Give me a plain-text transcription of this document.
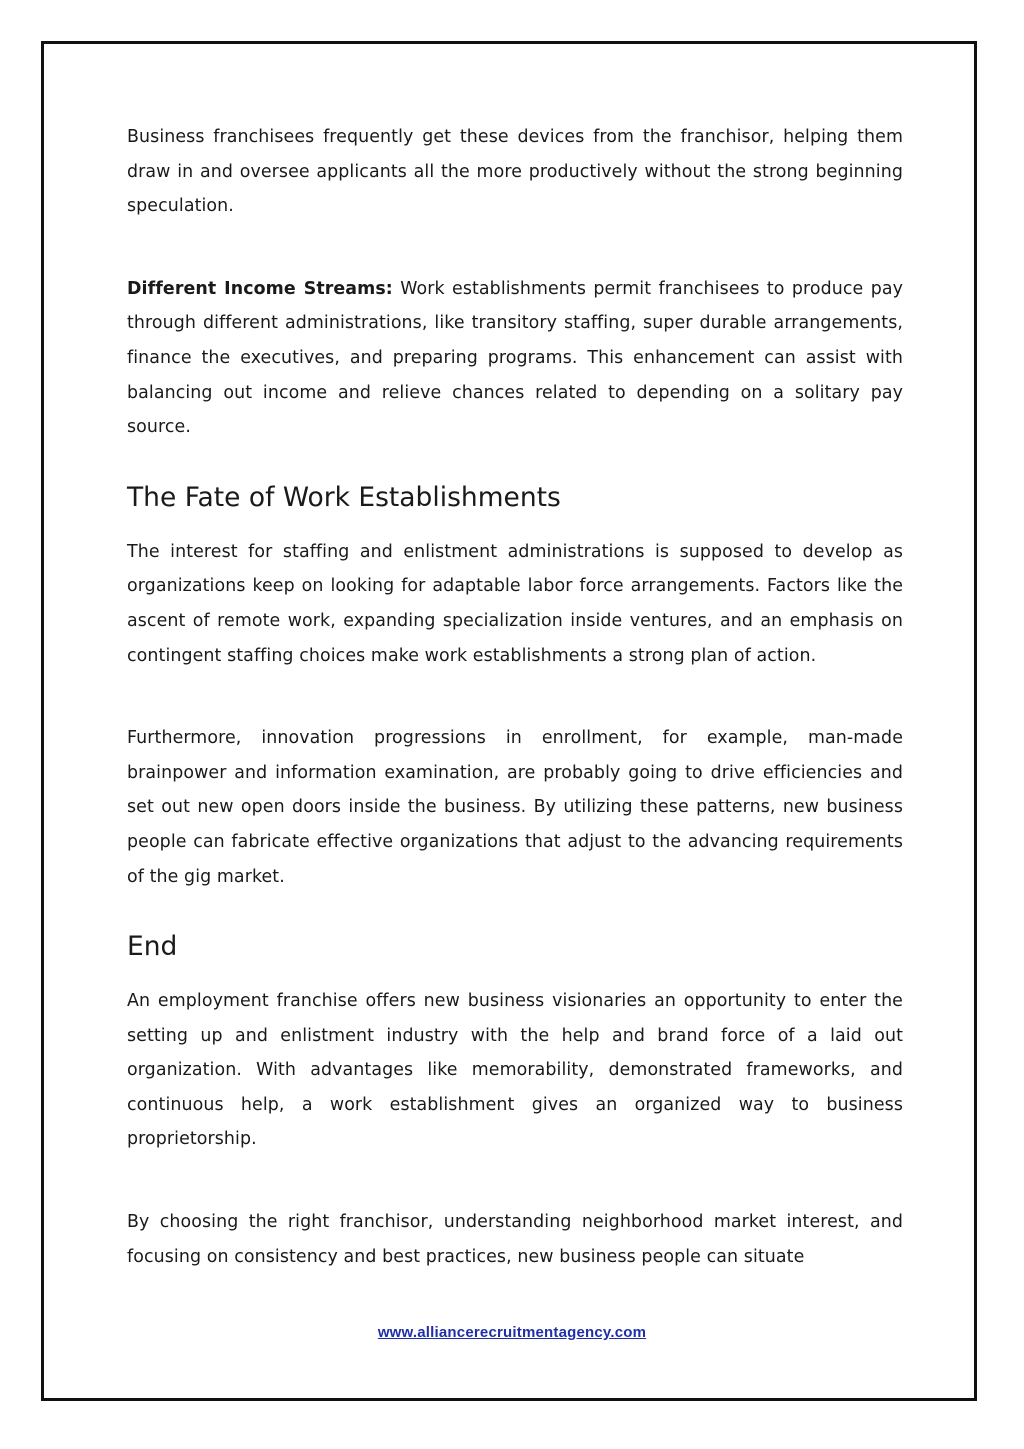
Business franchisees frequently get these devices from the franchisor, helping them draw in and oversee applicants all the more productively without the strong beginning speculation.

Different Income Streams: Work establishments permit franchisees to produce pay through different administrations, like transitory staffing, super durable arrangements, finance the executives, and preparing programs. This enhancement can assist with balancing out income and relieve chances related to depending on a solitary pay source.

The Fate of Work Establishments

The interest for staffing and enlistment administrations is supposed to develop as organizations keep on looking for adaptable labor force arrangements. Factors like the ascent of remote work, expanding specialization inside ventures, and an emphasis on contingent staffing choices make work establishments a strong plan of action.

Furthermore, innovation progressions in enrollment, for example, man-made brainpower and information examination, are probably going to drive efficiencies and set out new open doors inside the business. By utilizing these patterns, new business people can fabricate effective organizations that adjust to the advancing requirements of the gig market.

End

An employment franchise offers new business visionaries an opportunity to enter the setting up and enlistment industry with the help and brand force of a laid out organization. With advantages like memorability, demonstrated frameworks, and continuous help, a work establishment gives an organized way to business proprietorship.

By choosing the right franchisor, understanding neighborhood market interest, and focusing on consistency and best practices, new business people can situate

www.alliancerecruitmentagency.com
